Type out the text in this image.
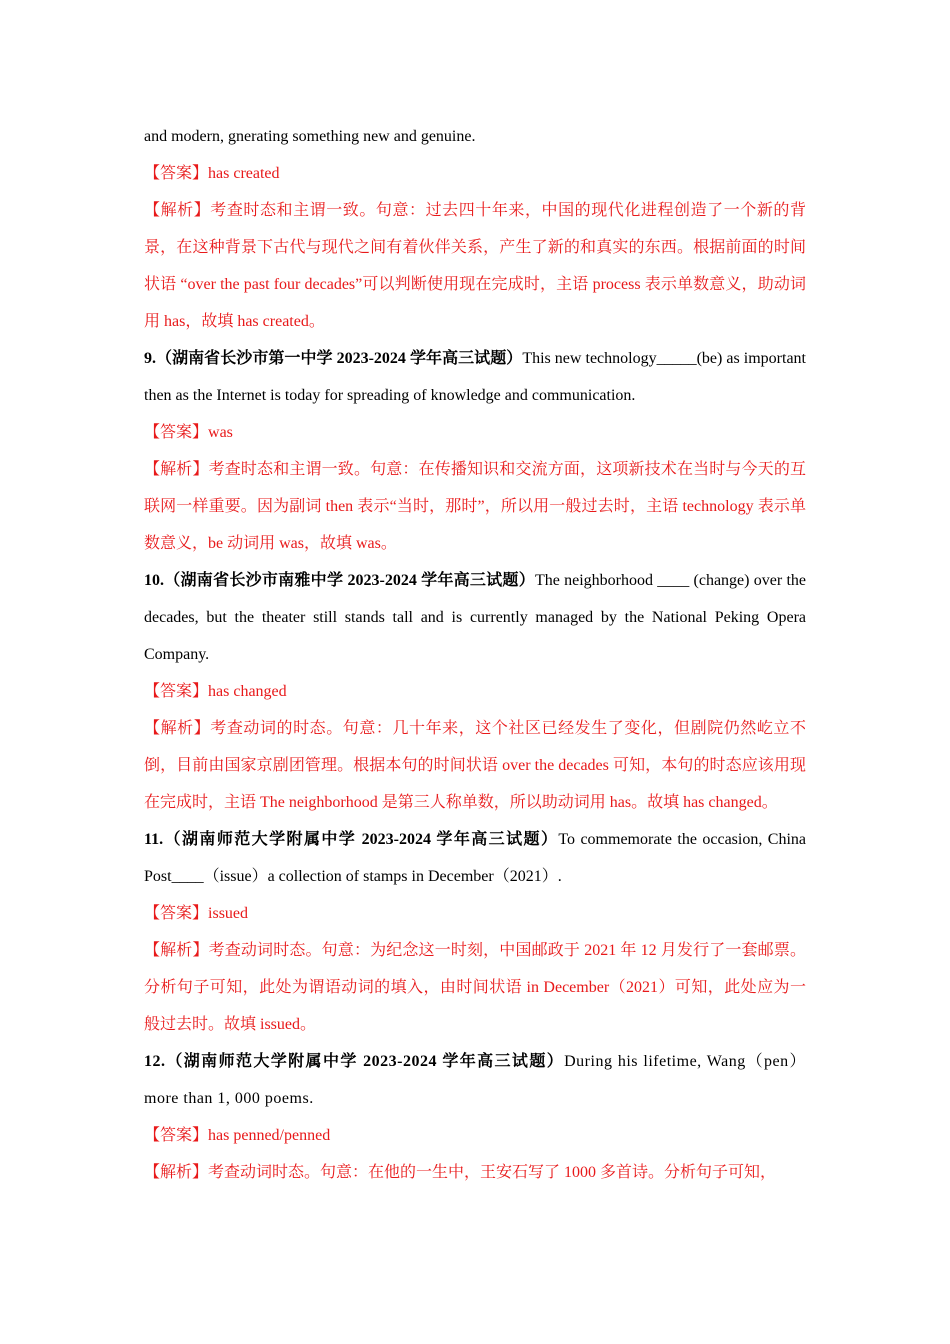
and modern, gnerating something new and genuine.

【答案】has created

【解析】考查时态和主谓一致。句意：过去四十年来，中国的现代化进程创造了一个新的背景，在这种背景下古代与现代之间有着伙伴关系，产生了新的和真实的东西。根据前面的时间状语 “over the past four decades”可以判断使用现在完成时，主语 process 表示单数意义，助动词用 has，故填 has created。

9.（湖南省长沙市第一中学 2023-2024 学年高三试题）This new technology_____(be) as important then as the Internet is today for spreading of knowledge and communication.

【答案】was

【解析】考查时态和主谓一致。句意：在传播知识和交流方面，这项新技术在当时与今天的互联网一样重要。因为副词 then 表示“当时，那时”，所以用一般过去时，主语 technology 表示单数意义，be 动词用 was，故填 was。

10.（湖南省长沙市南雅中学 2023-2024 学年高三试题）The neighborhood ____ (change) over the decades, but the theater still stands tall and is currently managed by the National Peking Opera Company.

【答案】has changed

【解析】考查动词的时态。句意：几十年来，这个社区已经发生了变化，但剧院仍然屹立不倒，目前由国家京剧团管理。根据本句的时间状语 over the decades 可知，本句的时态应该用现在完成时，主语 The neighborhood 是第三人称单数，所以助动词用 has。故填 has changed。

11.（湖南师范大学附属中学 2023-2024 学年高三试题）To commemorate the occasion, China Post____（issue）a collection of stamps in December（2021）.

【答案】issued

【解析】考查动词时态。句意：为纪念这一时刻，中国邮政于 2021 年 12 月发行了一套邮票。分析句子可知，此处为谓语动词的填入，由时间状语 in December（2021）可知，此处应为一般过去时。故填 issued。

12.（湖南师范大学附属中学 2023-2024 学年高三试题）During his lifetime, Wang（pen）more than 1, 000 poems.

【答案】has penned/penned

【解析】考查动词时态。句意：在他的一生中，王安石写了 1000 多首诗。分析句子可知，
